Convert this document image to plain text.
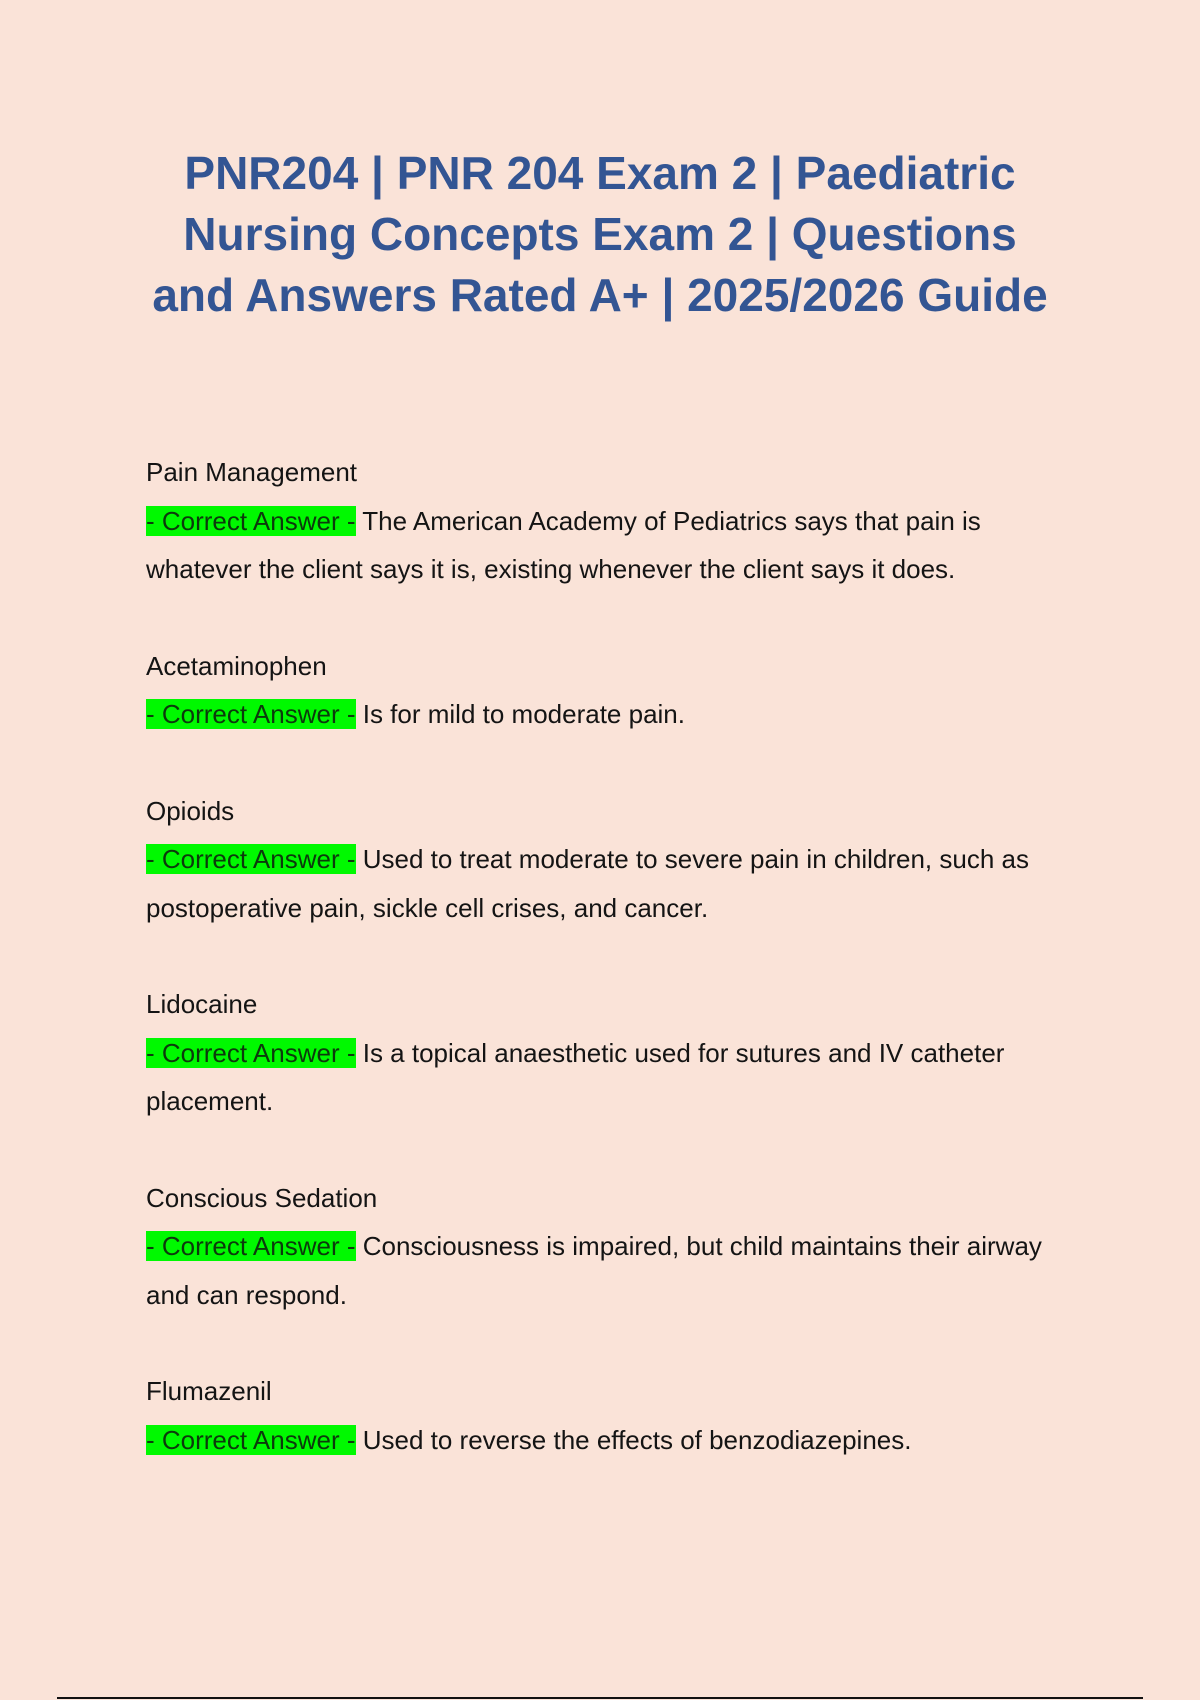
PNR204 | PNR 204 Exam 2 | Paediatric Nursing Concepts Exam 2 | Questions and Answers Rated A+ | 2025/2026 Guide

Pain Management

- Correct Answer - The American Academy of Pediatrics says that pain is whatever the client says it is, existing whenever the client says it does.

Acetaminophen

- Correct Answer - Is for mild to moderate pain.

Opioids

- Correct Answer - Used to treat moderate to severe pain in children, such as postoperative pain, sickle cell crises, and cancer.

Lidocaine

- Correct Answer - Is a topical anaesthetic used for sutures and IV catheter placement.

Conscious Sedation

- Correct Answer - Consciousness is impaired, but child maintains their airway and can respond.

Flumazenil

- Correct Answer - Used to reverse the effects of benzodiazepines.
